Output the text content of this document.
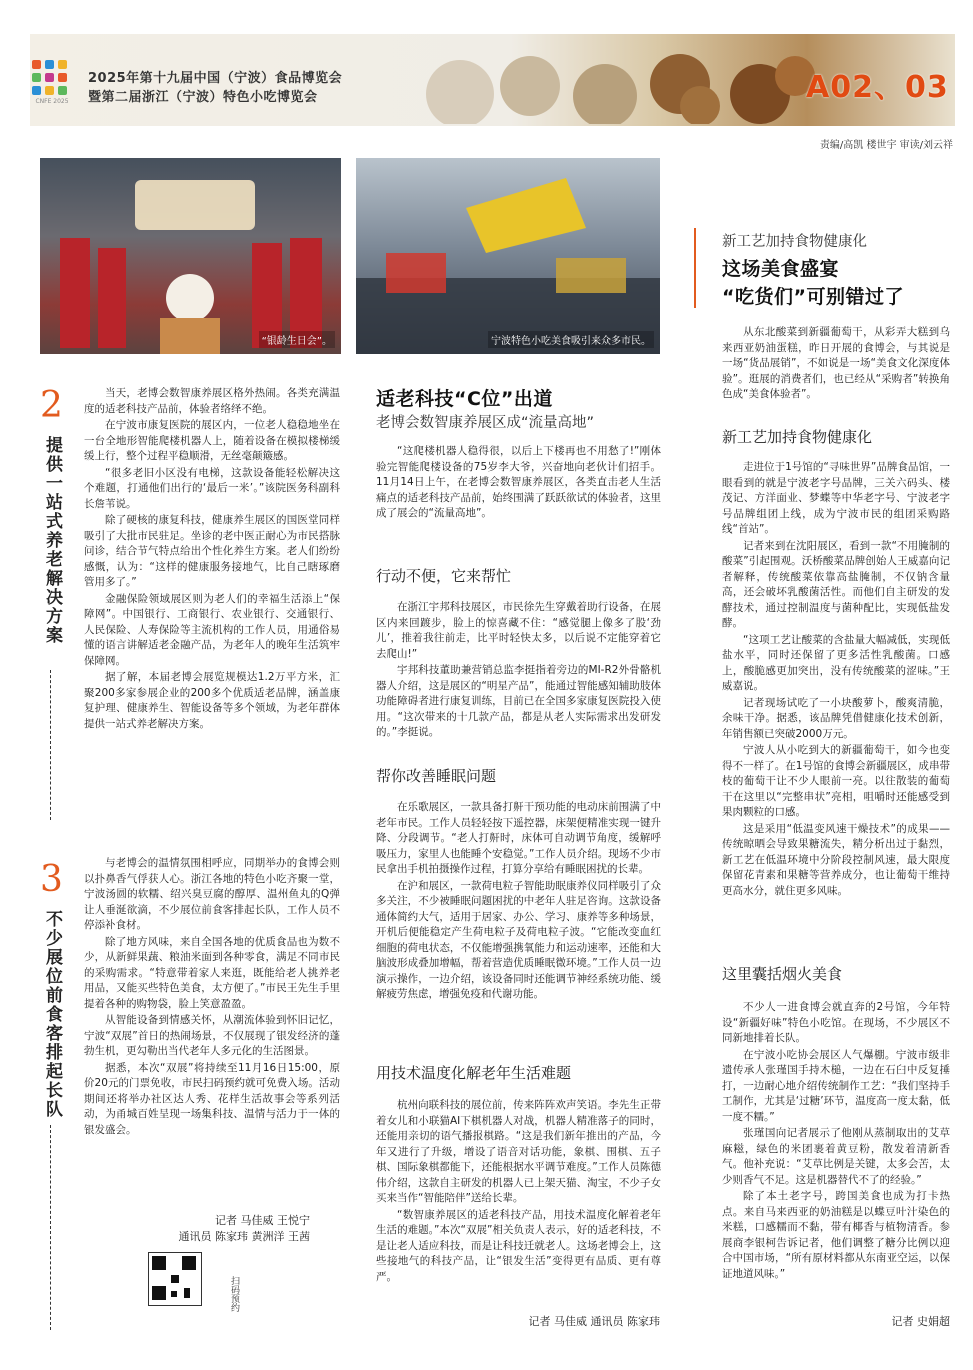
CNFE 2025
2025年第十九届中国（宁波）食品博览会
暨第二届浙江（宁波）特色小吃博览会	A02、03
责编/高凯 楼世宇 审读/刘云祥
“银龄生日会”。	宁波特色小吃美食吸引来众多市民。
2
提供一站式养老解决方案

当天，老博会数智康养展区格外热闹。各类充满温度的适老科技产品前，体验者络绎不绝。

在宁波市康复医院的展区内，一位老人稳稳地坐在一台全地形智能爬楼机器人上，随着设备在模拟楼梯缓缓上行，整个过程平稳顺滑，无丝毫颠簸感。

“很多老旧小区没有电梯，这款设备能轻松解决这个难题，打通他们出行的‘最后一米’。”该院医务科副科长詹苇说。

除了硬核的康复科技，健康养生展区的国医堂同样吸引了大批市民驻足。坐诊的老中医正耐心为市民搭脉问诊，结合节气特点给出个性化养生方案。老人们纷纷感慨，认为：“这样的健康服务接地气，比自己瞎琢磨管用多了。”

金融保险领域展区则为老人们的幸福生活添上“保障网”。中国银行、工商银行、农业银行、交通银行、人民保险、人寿保险等主流机构的工作人员，用通俗易懂的语言讲解适老金融产品，为老年人的晚年生活筑牢保障网。

据了解，本届老博会展览规模达1.2万平方米，汇聚200多家参展企业的200多个优质适老品牌，涵盖康复护理、健康养生、智能设备等多个领域，为老年群体提供一站式养老解决方案。

3
不少展位前食客排起长队

与老博会的温情氛围相呼应，同期举办的食博会则以扑鼻香气俘获人心。浙江各地的特色小吃齐聚一堂，宁波汤圆的软糯、绍兴臭豆腐的醇厚、温州鱼丸的Q弹让人垂涎欲滴，不少展位前食客排起长队，工作人员不停添补食材。

除了地方风味，来自全国各地的优质食品也为数不少，从新鲜果蔬、粮油米面到各种零食，满足不同市民的采购需求。“特意带着家人来逛，既能给老人挑养老用品，又能买些特色美食，太方便了。”市民王先生手里提着各种的购物袋，脸上笑意盈盈。

从智能设备到情感关怀，从潮流体验到怀旧记忆，宁波“双展”首日的热闹场景，不仅展现了银发经济的蓬勃生机，更勾勒出当代老年人多元化的生活图景。

据悉，本次“双展”将持续至11月16日15:00，原价20元的门票免收，市民扫码预约就可免费入场。活动期间还将举办社区达人秀、花样生活故事会等系列活动，为甬城百姓呈现一场集科技、温情与活力于一体的银发盛会。

记者 马佳威 王悦宁
通讯员 陈家玮 黄洲洋 王茜
扫码预约
适老科技“C位”出道
老博会数智康养展区成“流量高地”

“这爬楼机器人稳得很，以后上下楼再也不用愁了!”刚体验完智能爬楼设备的75岁李大爷，兴奋地向老伙计们招手。11月14日上午，在老博会数智康养展区，各类直击老人生活痛点的适老科技产品前，始终围满了跃跃欲试的体验者，这里成了展会的“流量高地”。

行动不便，它来帮忙

在浙江宇邦科技展区，市民徐先生穿戴着助行设备，在展区内来回踱步，脸上的惊喜藏不住：“感觉腿上像多了股‘劲儿’，推着我往前走，比平时轻快太多，以后说不定能穿着它去爬山!”

宇邦科技董助兼营销总监李挺指着旁边的MI-R2外骨骼机器人介绍，这是展区的“明星产品”，能通过智能感知辅助肢体功能障碍者进行康复训练，目前已在全国多家康复医院投入使用。“这次带来的十几款产品，都是从老人实际需求出发研发的。”李挺说。

帮你改善睡眠问题

在乐歌展区，一款具备打鼾干预功能的电动床前围满了中老年市民。工作人员轻轻按下遥控器，床架便精准实现一键升降、分段调节。“老人打鼾时，床体可自动调节角度，缓解呼吸压力，家里人也能睡个安稳觉。”工作人员介绍。现场不少市民拿出手机拍摄操作过程，打算分享给有睡眠困扰的长辈。

在沪和展区，一款荷电粒子智能助眠康养仪同样吸引了众多关注，不少被睡眠问题困扰的中老年人驻足咨询。这款设备通体简约大气，适用于居家、办公、学习、康养等多种场景，开机后便能稳定产生荷电粒子及荷电粒子波。“它能改变血红细胞的荷电状态，不仅能增强携氧能力和运动速率，还能和大脑波形成叠加增幅，帮着营造优质睡眠微环境。”工作人员一边演示操作，一边介绍，该设备同时还能调节神经系统功能、缓解疲劳焦虑，增强免疫和代谢功能。

用技术温度化解老年生活难题

杭州向联科技的展位前，传来阵阵欢声笑语。李先生正带着女儿和小联猫AI下棋机器人对战，机器人精准落子的同时，还能用亲切的语气播报棋路。“这是我们新年推出的产品，今年又进行了升级，增设了语音对话功能，象棋、围棋、五子棋、国际象棋都能下，还能根据水平调节难度。”工作人员陈德伟介绍，这款自主研发的机器人已上架天猫、淘宝，不少子女买来当作“智能陪伴”送给长辈。

“数智康养展区的适老科技产品，用技术温度化解着老年生活的难题。”本次“双展”相关负责人表示，好的适老科技，不是让老人适应科技，而是让科技迁就老人。这场老博会上，这些接地气的科技产品，让“银发生活”变得更有品质、更有尊严。

记者 马佳威 通讯员 陈家玮
新工艺加持食物健康化
这场美食盛宴
“吃货们”可别错过了

从东北酸菜到新疆葡萄干，从彩弄大糕到乌来西亚奶油蛋糕，昨日开展的食博会，与其说是一场“货品展销”，不如说是一场“美食文化深度体验”。逛展的消费者们，也已经从“采购者”转换角色成“美食体验者”。

新工艺加持食物健康化

走进位于1号馆的“寻味世界”品牌食品馆，一眼看到的就是宁波老字号品牌，三关六码头、楼茂记、方洋面业、梦蝶等中华老字号、宁波老字号品牌组团上线，成为宁波市民的组团采购路线“首站”。

记者来到在沈阳展区，看到一款“不用腌制的酸菜”引起围观。沃桥酸菜品牌创始人王威嘉向记者解释，传统酸菜依靠高盐腌制，不仅钠含量高，还会破坏乳酸菌活性。而他们自主研发的发酵技术，通过控制温度与菌种配比，实现低盐发酵。

“这项工艺让酸菜的含盐量大幅减低，实现低盐水平，同时还保留了更多活性乳酸菌。口感上，酸脆感更加突出，没有传统酸菜的涩味。”王威嘉说。

记者现场试吃了一小块酸萝卜，酸爽清脆，余味干净。据悉，该品牌凭借健康化技术创新，年销售额已突破2000万元。

宁波人从小吃到大的新疆葡萄干，如今也变得不一样了。在1号馆的食博会新疆展区，成串带枝的葡萄干让不少人眼前一亮。以往散装的葡萄干在这里以“完整串状”亮相，咀嚼时还能感受到果肉颗粒的口感。

这是采用“低温变风速干燥技术”的成果——传统晾晒会导致果糖流失，精分析出过于黏烈，新工艺在低温环境中分阶段控制风速，最大限度保留花青素和果糖等营养成分，也让葡萄干维持更高水分，就住更多风味。

这里囊括烟火美食

不少人一进食博会就直奔的2号馆，今年特设“新疆好味”特色小吃馆。在现场，不少展区不同新地排着长队。

在宁波小吃协会展区人气爆棚。宁波市级非遗传承人张瑾国手持木槌，一边在石臼中反复捶打，一边耐心地介绍传统制作工艺：“我们坚持手工制作，尤其是‘过糖’环节，温度高一度太黏，低一度不糯。”

张瑾国向记者展示了他刚从蒸制取出的艾草麻糍，绿色的米团裹着黄豆粉，散发着清新香气。他补充说：“艾草比例是关键，太多会苦，太少则香气不足。这是机器替代不了的经验。”

除了本土老字号，跨国美食也成为打卡热点。来自马来西亚的奶油糕是以蝶豆叶汁染色的米糕，口感糯而不黏，带有椰香与植物清香。参展商李银柯告诉记者，他们调整了糖分比例以迎合中国市场，“所有原材料都从东南亚空运，以保证地道风味。”

记者 史娟超
